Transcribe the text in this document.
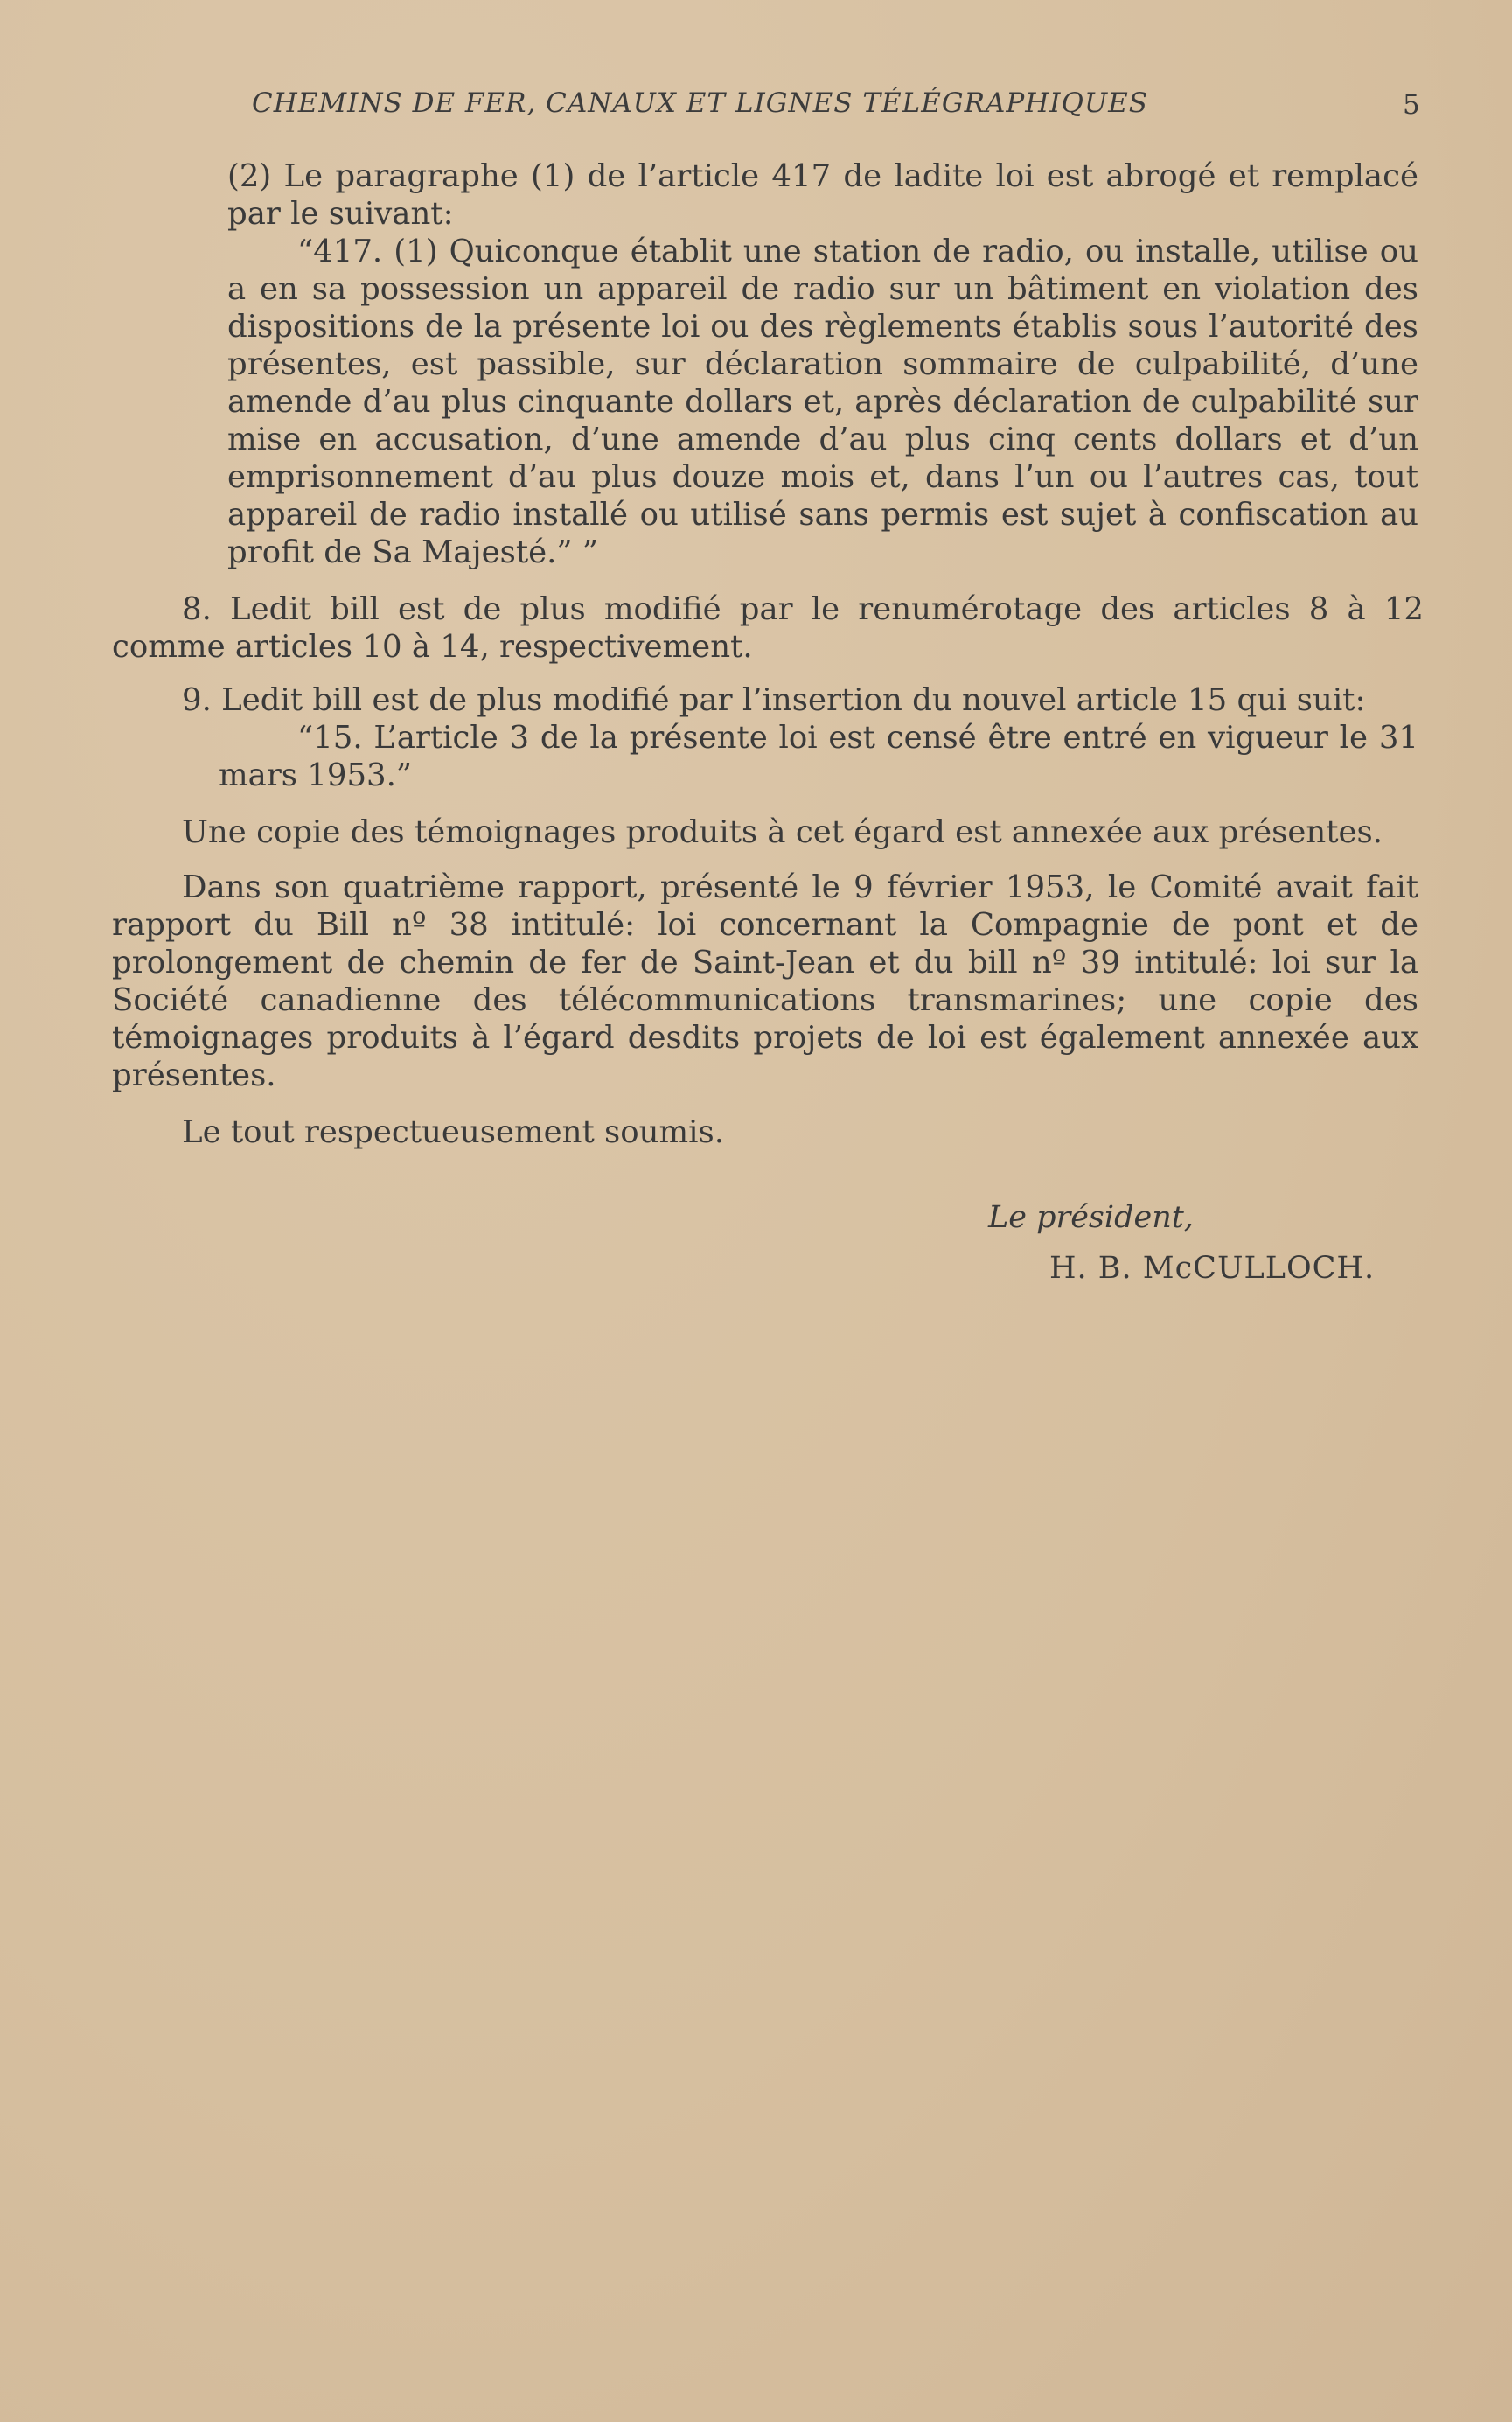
CHEMINS DE FER, CANAUX ET LIGNES TÉLÉGRAPHIQUES	5

(2) Le paragraphe (1) de l’article 417 de ladite loi est abrogé et remplacé par le suivant:

“417. (1) Quiconque établit une station de radio, ou installe, utilise ou a en sa possession un appareil de radio sur un bâtiment en violation des dispositions de la présente loi ou des règlements établis sous l’autorité des présentes, est passible, sur déclaration sommaire de culpabilité, d’une amende d’au plus cinquante dollars et, après déclaration de culpabilité sur mise en accusation, d’une amende d’au plus cinq cents dollars et d’un emprisonnement d’au plus douze mois et, dans l’un ou l’autres cas, tout appareil de radio installé ou utilisé sans permis est sujet à confiscation au profit de Sa Majesté.” ”

8. Ledit bill est de plus modifié par le renumérotage des articles 8 à 12 comme articles 10 à 14, respectivement.

9. Ledit bill est de plus modifié par l’insertion du nouvel article 15 qui suit:

“15. L’article 3 de la présente loi est censé être entré en vigueur le 31 mars 1953.”

Une copie des témoignages produits à cet égard est annexée aux présentes.

Dans son quatrième rapport, présenté le 9 février 1953, le Comité avait fait rapport du Bill nº 38 intitulé: loi concernant la Compagnie de pont et de prolongement de chemin de fer de Saint-Jean et du bill nº 39 intitulé: loi sur la Société canadienne des télécommunications transmarines; une copie des témoignages produits à l’égard desdits projets de loi est également annexée aux présentes.

Le tout respectueusement soumis.

Le président,
H. B. McCULLOCH.
